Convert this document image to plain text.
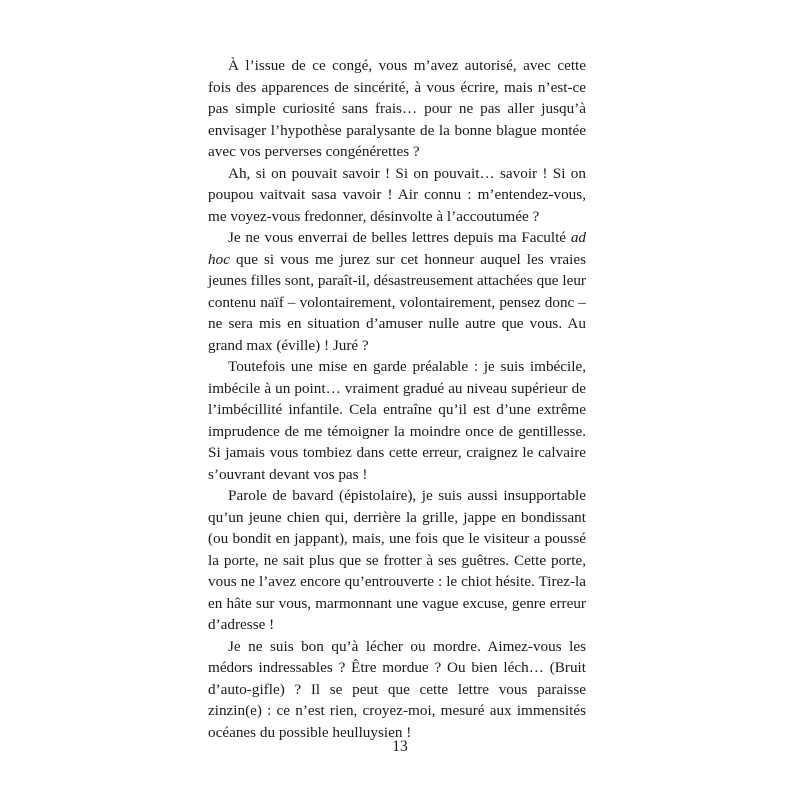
À l’issue de ce congé, vous m’avez autorisé, avec cette fois des apparences de sincérité, à vous écrire, mais n’est-ce pas simple curiosité sans frais… pour ne pas aller jusqu’à envisager l’hypothèse paralysante de la bonne blague montée avec vos perverses congénérettes ?

Ah, si on pouvait savoir ! Si on pouvait… savoir ! Si on poupou vaitvait sasa vavoir ! Air connu : m’entendez-vous, me voyez-vous fredonner, désinvolte à l’accoutumée ?

Je ne vous enverrai de belles lettres depuis ma Faculté ad hoc que si vous me jurez sur cet honneur auquel les vraies jeunes filles sont, paraît-il, désastreusement attachées que leur contenu naïf – volontairement, volontairement, pensez donc – ne sera mis en situation d’amuser nulle autre que vous. Au grand max (éville) ! Juré ?

Toutefois une mise en garde préalable : je suis imbécile, imbécile à un point… vraiment gradué au niveau supérieur de l’imbécillité infantile. Cela entraîne qu’il est d’une extrême imprudence de me témoigner la moindre once de gentillesse. Si jamais vous tombiez dans cette erreur, craignez le calvaire s’ouvrant devant vos pas !

Parole de bavard (épistolaire), je suis aussi insupportable qu’un jeune chien qui, derrière la grille, jappe en bondissant (ou bondit en jappant), mais, une fois que le visiteur a poussé la porte, ne sait plus que se frotter à ses guêtres. Cette porte, vous ne l’avez encore qu’entrouverte : le chiot hésite. Tirez-la en hâte sur vous, marmonnant une vague excuse, genre erreur d’adresse !

Je ne suis bon qu’à lécher ou mordre. Aimez-vous les médors indressables ? Être mordue ? Ou bien léch… (Bruit d’auto-gifle) ? Il se peut que cette lettre vous paraisse zinzin(e) : ce n’est rien, croyez-moi, mesuré aux immensités océanes du possible heulluysien !

13
